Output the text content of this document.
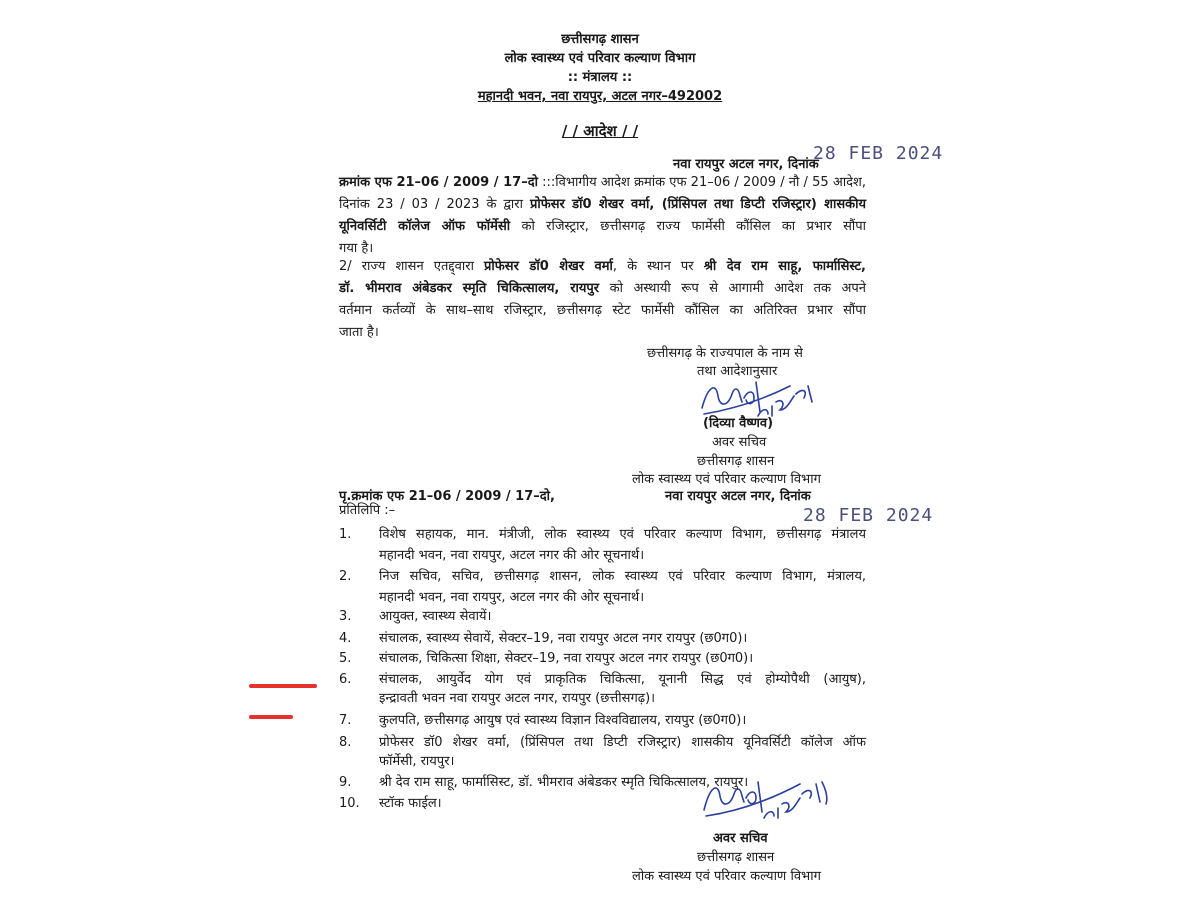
छत्तीसगढ़ शासन
लोक स्वास्थ्य एवं परिवार कल्याण विभाग
:: मंत्रालय ::
महानदी भवन, नवा रायपुर, अटल नगर–492002
/ / आदेश / /
28 FEB 2024
नवा रायपुर अटल नगर, दिनांक
क्रमांक एफ 21–06 / 2009 / 17–दो :::विभागीय आदेश क्रमांक एफ 21–06 / 2009 / नौ / 55 आदेश,
दिनांक 23 / 03 / 2023 के द्वारा प्रोफेसर डॉ0 शेखर वर्मा, (प्रिंसिपल तथा डिप्टी रजिस्ट्रार) शासकीय
यूनिवर्सिटी कॉलेज ऑफ फॉर्मेसी को रजिस्ट्रार, छत्तीसगढ़ राज्य फार्मेसी कौंसिल का प्रभार सौंपा
गया है।
2/ राज्य शासन एतद्द्वारा प्रोफेसर डॉ0 शेखर वर्मा, के स्थान पर श्री देव राम साहू, फार्मासिस्ट,
डॉ. भीमराव अंबेडकर स्मृति चिकित्सालय, रायपुर को अस्थायी रूप से आगामी आदेश तक अपने
वर्तमान कर्तव्यों के साथ–साथ रजिस्ट्रार, छत्तीसगढ़ स्टेट फार्मेसी कौंसिल का अतिरिक्त प्रभार सौंपा
जाता है।
छत्तीसगढ़ के राज्यपाल के नाम से
तथा आदेशानुसार
(दिव्या वैष्णव)
अवर सचिव
छत्तीसगढ़ शासन
लोक स्वास्थ्य एवं परिवार कल्याण विभाग
पृ.क्रमांक एफ 21–06 / 2009 / 17–दो,	नवा रायपुर अटल नगर, दिनांक
28 FEB 2024
प्रतिलिपि :–
1. विशेष सहायक, मान. मंत्रीजी, लोक स्वास्थ्य एवं परिवार कल्याण विभाग, छत्तीसगढ़ मंत्रालय
महानदी भवन, नवा रायपुर, अटल नगर की ओर सूचनार्थ।
2. निज सचिव, सचिव, छत्तीसगढ़ शासन, लोक स्वास्थ्य एवं परिवार कल्याण विभाग, मंत्रालय,
महानदी भवन, नवा रायपुर, अटल नगर की ओर सूचनार्थ।
3. आयुक्त, स्वास्थ्य सेवायें।
4. संचालक, स्वास्थ्य सेवायें, सेक्टर–19, नवा रायपुर अटल नगर रायपुर (छ0ग0)।
5. संचालक, चिकित्सा शिक्षा, सेक्टर–19, नवा रायपुर अटल नगर रायपुर (छ0ग0)।
6. संचालक, आयुर्वेद योग एवं प्राकृतिक चिकित्सा, यूनानी सिद्ध एवं होम्योपैथी (आयुष),
इन्द्रावती भवन नवा रायपुर अटल नगर, रायपुर (छत्तीसगढ़)।
7. कुलपति, छत्तीसगढ़ आयुष एवं स्वास्थ्य विज्ञान विश्वविद्यालय, रायपुर (छ0ग0)।
8. प्रोफेसर डॉ0 शेखर वर्मा, (प्रिंसिपल तथा डिप्टी रजिस्ट्रार) शासकीय यूनिवर्सिटी कॉलेज ऑफ
फॉर्मेसी, रायपुर।
9. श्री देव राम साहू, फार्मासिस्ट, डॉ. भीमराव अंबेडकर स्मृति चिकित्सालय, रायपुर।
10. स्टॉक फाईल।
अवर सचिव
छत्तीसगढ़ शासन
लोक स्वास्थ्य एवं परिवार कल्याण विभाग
